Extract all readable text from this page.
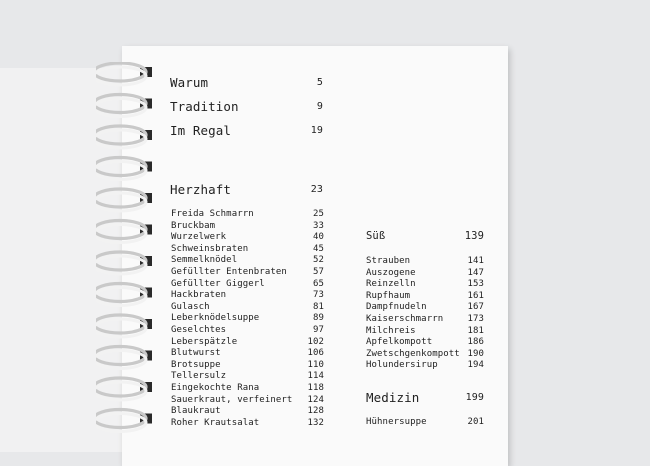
Warum	5
Tradition	9
Im Regal	19
Herzhaft	23
Freida Schmarrn	25
Bruckbam	33
Wurzelwerk	40
Schweinsbraten	45
Semmelknödel	52
Gefüllter Entenbraten	57
Gefüllter Giggerl	65
Hackbraten	73
Gulasch	81
Leberknödelsuppe	89
Geselchtes	97
Leberspätzle	102
Blutwurst	106
Brotsuppe	110
Tellersulz	114
Eingekochte Rana	118
Sauerkraut, verfeinert	124
Blaukraut	128
Roher Krautsalat	132
Süß	139
Strauben	141
Auszogene	147
Reinzelln	153
Rupfhaum	161
Dampfnudeln	167
Kaiserschmarrn	173
Milchreis	181
Apfelkompott	186
Zwetschgenkompott 190
Holundersirup	194
Medizin	199
Hühnersuppe	201
